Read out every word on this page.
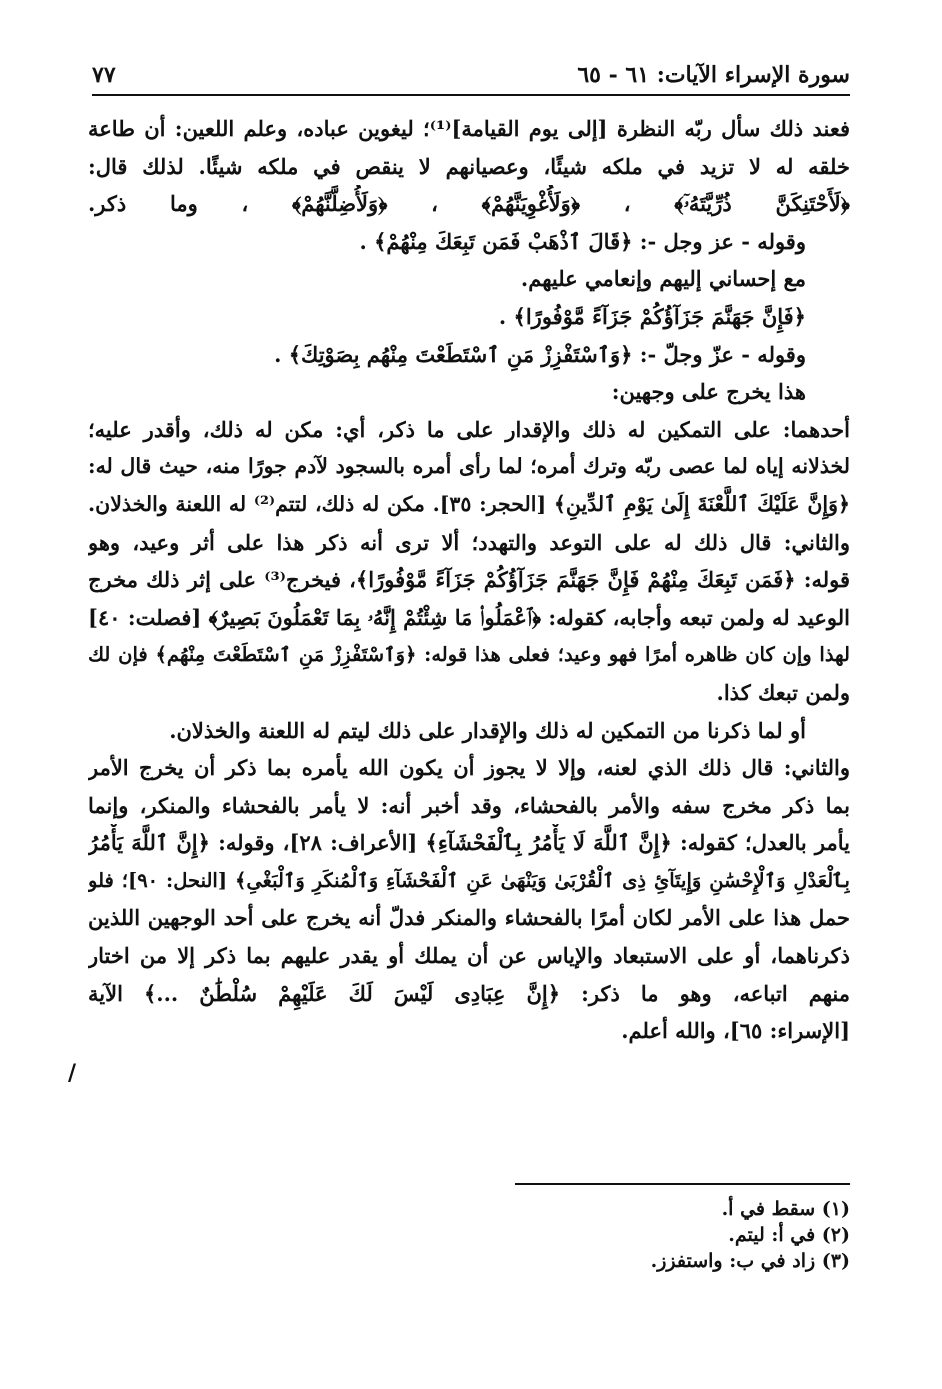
سورة الإسراء الآيات: ٦١ - ٦٥
٧٧
فعند ذلك سأل ربّه النظرة [إلى يوم القيامة]⁽¹⁾؛ ليغوين عباده، وعلم اللعين: أن طاعة
خلقه له لا تزيد في ملكه شيئًا، وعصيانهم لا ينقص في ملكه شيئًا. لذلك قال:
﴿لَأَحْتَنِكَنَّ ذُرِّيَّتَهُۥٓ﴾ ، ﴿وَلَأُغْوِيَنَّهُمْ﴾ ، ﴿وَلَأُضِلَّنَّهُمْ﴾ ، وما ذكر.
وقوله - عز وجل -: ﴿قَالَ ٱذْهَبْ فَمَن تَبِعَكَ مِنْهُمْ﴾ .
مع إحساني إليهم وإنعامي عليهم.
﴿فَإِنَّ جَهَنَّمَ جَزَآؤُكُمْ جَزَآءً مَّوْفُورًا﴾ .
وقوله - عزّ وجلّ -: ﴿وَٱسْتَفْزِزْ مَنِ ٱسْتَطَعْتَ مِنْهُم بِصَوْتِكَ﴾ .
هذا يخرج على وجهين:
أحدهما: على التمكين له ذلك والإقدار على ما ذكر، أي: مكن له ذلك، وأقدر عليه؛
لخذلانه إياه لما عصى ربّه وترك أمره؛ لما رأى أمره بالسجود لآدم جورًا منه، حيث قال له:
﴿وَإِنَّ عَلَيْكَ ٱللَّعْنَةَ إِلَىٰ يَوْمِ ٱلدِّينِ﴾ [الحجر: ٣٥]. مكن له ذلك، لتتم⁽²⁾ له اللعنة والخذلان.
والثاني: قال ذلك له على التوعد والتهدد؛ ألا ترى أنه ذكر هذا على أثر وعيد، وهو
قوله: ﴿فَمَن تَبِعَكَ مِنْهُمْ فَإِنَّ جَهَنَّمَ جَزَآؤُكُمْ جَزَآءً مَّوْفُورًا﴾، فيخرج⁽³⁾ على إثر ذلك مخرج
الوعيد له ولمن تبعه وأجابه، كقوله: ﴿ٱعْمَلُوا۟ مَا شِئْتُمْ إِنَّهُۥ بِمَا تَعْمَلُونَ بَصِيرٌ﴾ [فصلت: ٤٠]
لهذا وإن كان ظاهره أمرًا فهو وعيد؛ فعلى هذا قوله: ﴿وَٱسْتَفْزِزْ مَنِ ٱسْتَطَعْتَ مِنْهُم﴾ فإن لك
ولمن تبعك كذا.
أو لما ذكرنا من التمكين له ذلك والإقدار على ذلك ليتم له اللعنة والخذلان.
والثاني: قال ذلك الذي لعنه، وإلا لا يجوز أن يكون الله يأمره بما ذكر أن يخرج الأمر
بما ذكر مخرج سفه والأمر بالفحشاء، وقد أخبر أنه: لا يأمر بالفحشاء والمنكر، وإنما
يأمر بالعدل؛ كقوله: ﴿إِنَّ ٱللَّهَ لَا يَأْمُرُ بِٱلْفَحْشَآءِ﴾ [الأعراف: ٢٨]، وقوله: ﴿إِنَّ ٱللَّهَ يَأْمُرُ
بِٱلْعَدْلِ وَٱلْإِحْسَٰنِ وَإِيتَآئِ ذِى ٱلْقُرْبَىٰ وَيَنْهَىٰ عَنِ ٱلْفَحْشَآءِ وَٱلْمُنكَرِ وَٱلْبَغْىِ﴾ [النحل: ٩٠]؛ فلو
حمل هذا على الأمر لكان أمرًا بالفحشاء والمنكر فدلّ أنه يخرج على أحد الوجهين اللذين
ذكرناهما، أو على الاستبعاد والإياس عن أن يملك أو يقدر عليهم بما ذكر إلا من اختار
منهم اتباعه، وهو ما ذكر: ﴿إِنَّ عِبَادِى لَيْسَ لَكَ عَلَيْهِمْ سُلْطَٰنٌ ...﴾ الآية
[الإسراء: ٦٥]، والله أعلم.
/
(١) سقط في أ.
(٢) في أ: ليتم.
(٣) زاد في ب: واستفزز.
